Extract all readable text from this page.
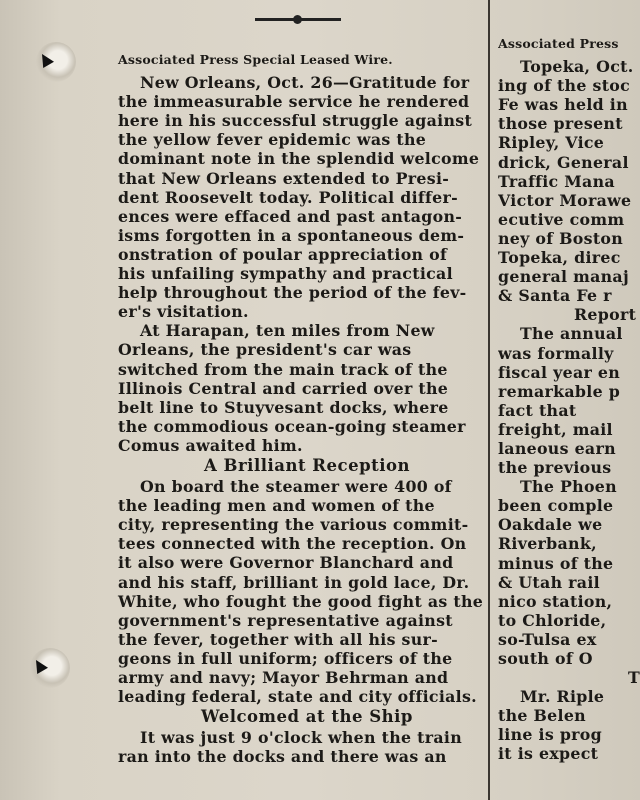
Associated Press Special Leased Wire.
New Orleans, Oct. 26—Gratitude for
the immeasurable service he rendered
here in his successful struggle against
the yellow fever epidemic was the
dominant note in the splendid welcome
that New Orleans extended to Presi-
dent Roosevelt today. Political differ-
ences were effaced and past antagon-
isms forgotten in a spontaneous dem-
onstration of poular appreciation of
his unfailing sympathy and practical
help throughout the period of the fev-
er's visitation.
At Harapan, ten miles from New
Orleans, the president's car was
switched from the main track of the
Illinois Central and carried over the
belt line to Stuyvesant docks, where
the commodious ocean-going steamer
Comus awaited him.
A Brilliant Reception
On board the steamer were 400 of
the leading men and women of the
city, representing the various commit-
tees connected with the reception. On
it also were Governor Blanchard and
and his staff, brilliant in gold lace, Dr.
White, who fought the good fight as the
government's representative against
the fever, together with all his sur-
geons in full uniform; officers of the
army and navy; Mayor Behrman and
leading federal, state and city officials.
Welcomed at the Ship
It was just 9 o'clock when the train
ran into the docks and there was an
Associated Press
Topeka, Oct.
ing of the stoc
Fe was held in
those present
Ripley, Vice
drick, General
Traffic Mana
Victor Morawe
ecutive comm
ney of Boston
Topeka, direc
general manaj
& Santa Fe r
Report
The annual
was formally
fiscal year en
remarkable p
fact that
freight, mail
laneous earn
the previous
The Phoen
been comple
Oakdale we
Riverbank,
minus of the
& Utah rail
nico station,
to Chloride,
so-Tulsa ex
south of O
T
Mr. Riple
the Belen
line is prog
it is expect
